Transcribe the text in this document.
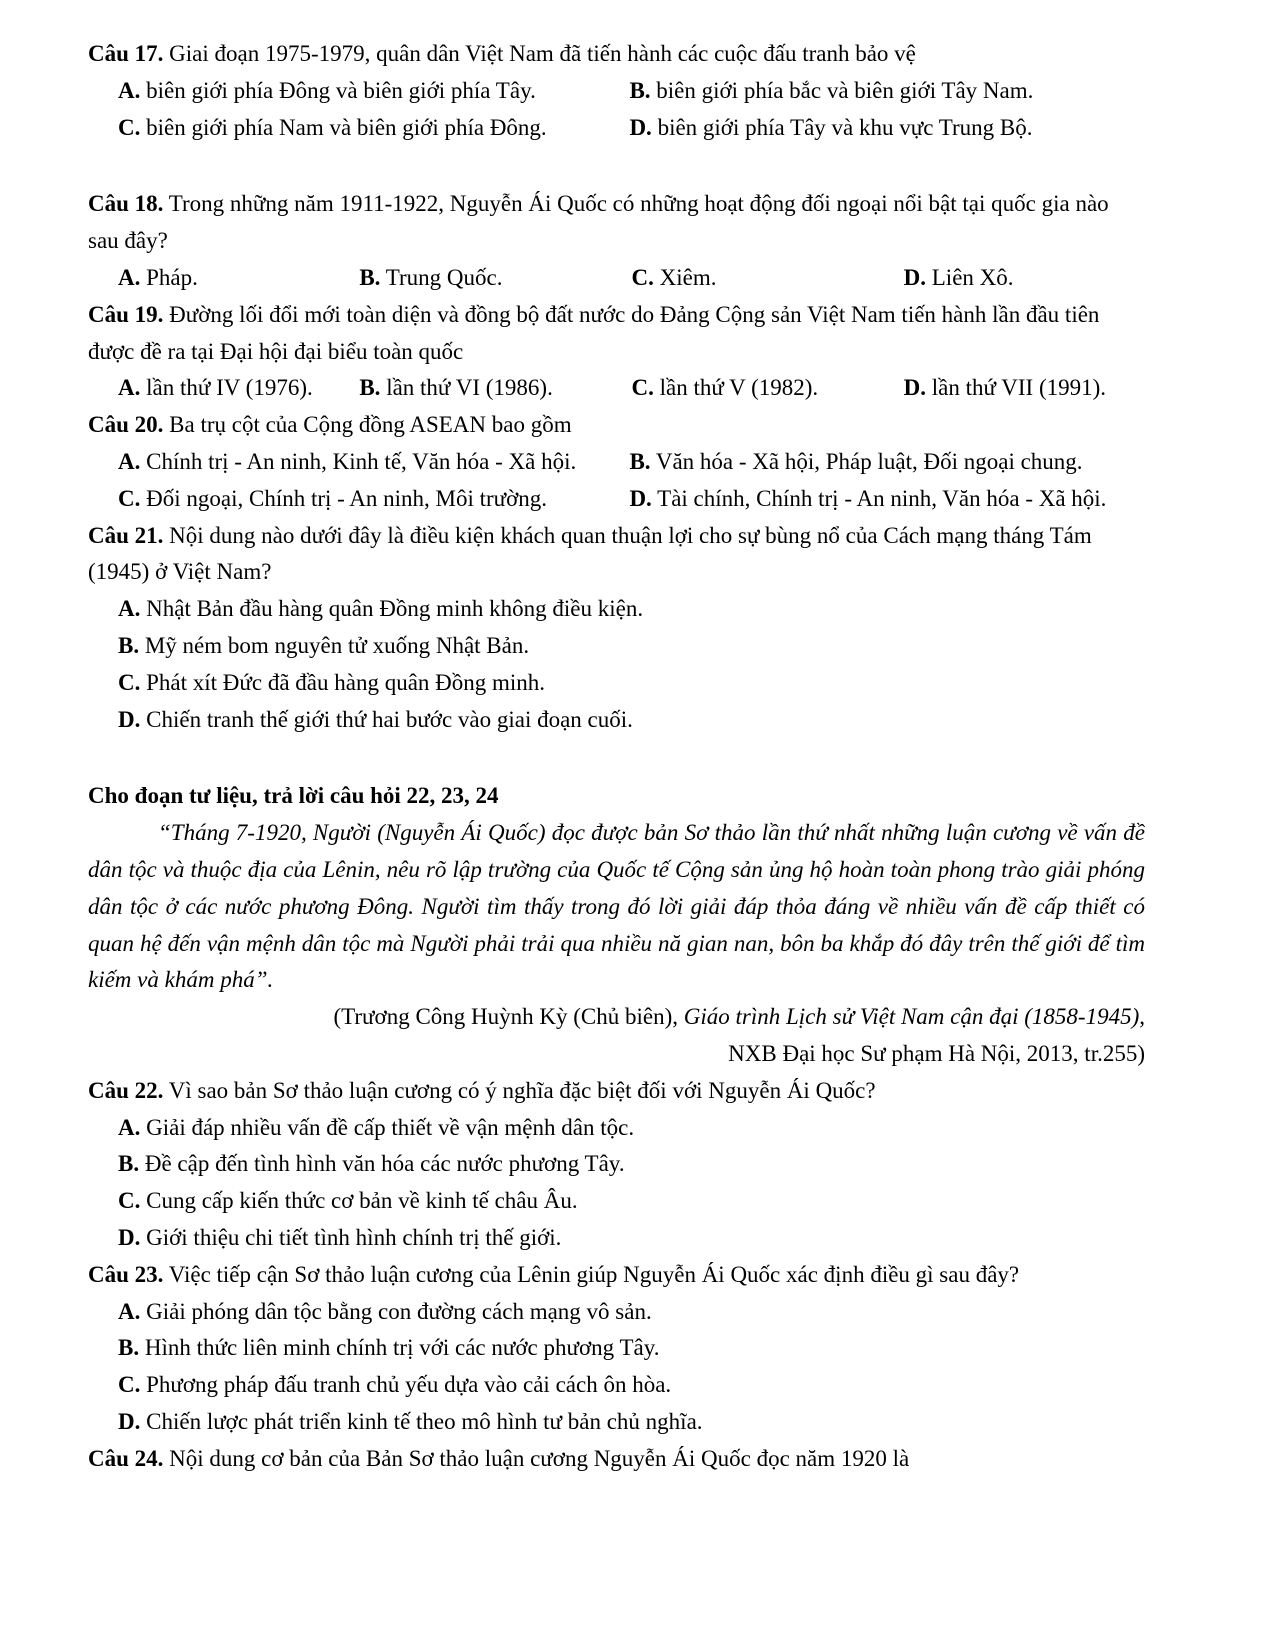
Câu 17. Giai đoạn 1975-1979, quân dân Việt Nam đã tiến hành các cuộc đấu tranh bảo vệ

A. biên giới phía Đông và biên giới phía Tây.	B. biên giới phía bắc và biên giới Tây Nam.
C. biên giới phía Nam và biên giới phía Đông.	D. biên giới phía Tây và khu vực Trung Bộ.

Câu 18. Trong những năm 1911-1922, Nguyễn Ái Quốc có những hoạt động đối ngoại nổi bật tại quốc gia nào sau đây?

A. Pháp.	B. Trung Quốc.	C. Xiêm.	D. Liên Xô.

Câu 19. Đường lối đổi mới toàn diện và đồng bộ đất nước do Đảng Cộng sản Việt Nam tiến hành lần đầu tiên được đề ra tại Đại hội đại biểu toàn quốc

A. lần thứ IV (1976).	B. lần thứ VI (1986).	C. lần thứ V (1982).	D. lần thứ VII (1991).

Câu 20. Ba trụ cột của Cộng đồng ASEAN bao gồm

A. Chính trị - An ninh, Kinh tế, Văn hóa - Xã hội.	B. Văn hóa - Xã hội, Pháp luật, Đối ngoại chung.
C. Đối ngoại, Chính trị - An ninh, Môi trường.	D. Tài chính, Chính trị - An ninh, Văn hóa - Xã hội.

Câu 21. Nội dung nào dưới đây là điều kiện khách quan thuận lợi cho sự bùng nổ của Cách mạng tháng Tám (1945) ở Việt Nam?

A. Nhật Bản đầu hàng quân Đồng minh không điều kiện.
B. Mỹ ném bom nguyên tử xuống Nhật Bản.
C. Phát xít Đức đã đầu hàng quân Đồng minh.
D. Chiến tranh thế giới thứ hai bước vào giai đoạn cuối.

Cho đoạn tư liệu, trả lời câu hỏi 22, 23, 24

“Tháng 7-1920, Người (Nguyễn Ái Quốc) đọc được bản Sơ thảo lần thứ nhất những luận cương về vấn đề dân tộc và thuộc địa của Lênin, nêu rõ lập trường của Quốc tế Cộng sản ủng hộ hoàn toàn phong trào giải phóng dân tộc ở các nước phương Đông. Người tìm thấy trong đó lời giải đáp thỏa đáng về nhiều vấn đề cấp thiết có quan hệ đến vận mệnh dân tộc mà Người phải trải qua nhiều nă gian nan, bôn ba khắp đó đây trên thế giới để tìm kiếm và khám phá”.

(Trương Công Huỳnh Kỳ (Chủ biên), Giáo trình Lịch sử Việt Nam cận đại (1858-1945),

NXB Đại học Sư phạm Hà Nội, 2013, tr.255)

Câu 22. Vì sao bản Sơ thảo luận cương có ý nghĩa đặc biệt đối với Nguyễn Ái Quốc?

A. Giải đáp nhiều vấn đề cấp thiết về vận mệnh dân tộc.
B. Đề cập đến tình hình văn hóa các nước phương Tây.
C. Cung cấp kiến thức cơ bản về kinh tế châu Âu.
D. Giới thiệu chi tiết tình hình chính trị thế giới.

Câu 23. Việc tiếp cận Sơ thảo luận cương của Lênin giúp Nguyễn Ái Quốc xác định điều gì sau đây?

A. Giải phóng dân tộc bằng con đường cách mạng vô sản.
B. Hình thức liên minh chính trị với các nước phương Tây.
C. Phương pháp đấu tranh chủ yếu dựa vào cải cách ôn hòa.
D. Chiến lược phát triển kinh tế theo mô hình tư bản chủ nghĩa.

Câu 24. Nội dung cơ bản của Bản Sơ thảo luận cương Nguyễn Ái Quốc đọc năm 1920 là
